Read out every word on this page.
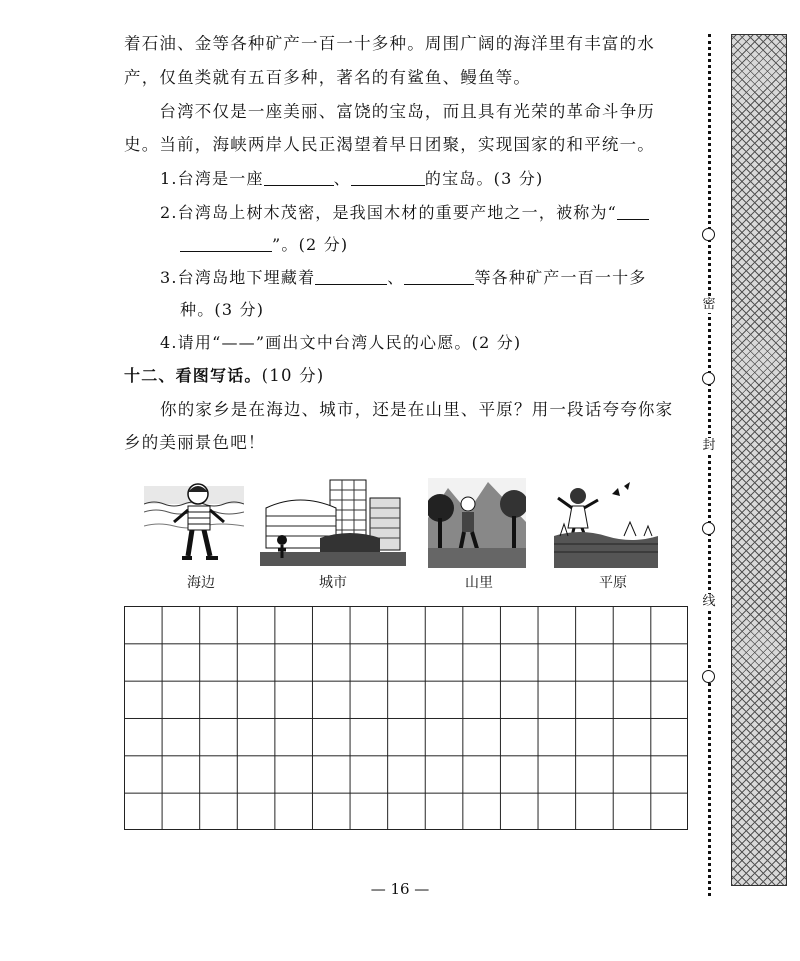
着石油、金等各种矿产一百一十多种。周围广阔的海洋里有丰富的水
产，仅鱼类就有五百多种，著名的有鲨鱼、鳗鱼等。
　　台湾不仅是一座美丽、富饶的宝岛，而且具有光荣的革命斗争历
史。当前，海峡两岸人民正渴望着早日团聚，实现国家的和平统一。
1.台湾是一座	、	的宝岛。(3 分)
2.台湾岛上树木茂密，是我国木材的重要产地之一，被称为“
”。(2 分)
3.台湾岛地下埋藏着	、	等各种矿产一百一十多
种。(3 分)
4.请用“——”画出文中台湾人民的心愿。(2 分)
十二、看图写话。(10 分)
你的家乡是在海边、城市，还是在山里、平原？用一段话夸夸你家
乡的美丽景色吧！
海边	城市	山里	平原
密
封
线
— 16 —
